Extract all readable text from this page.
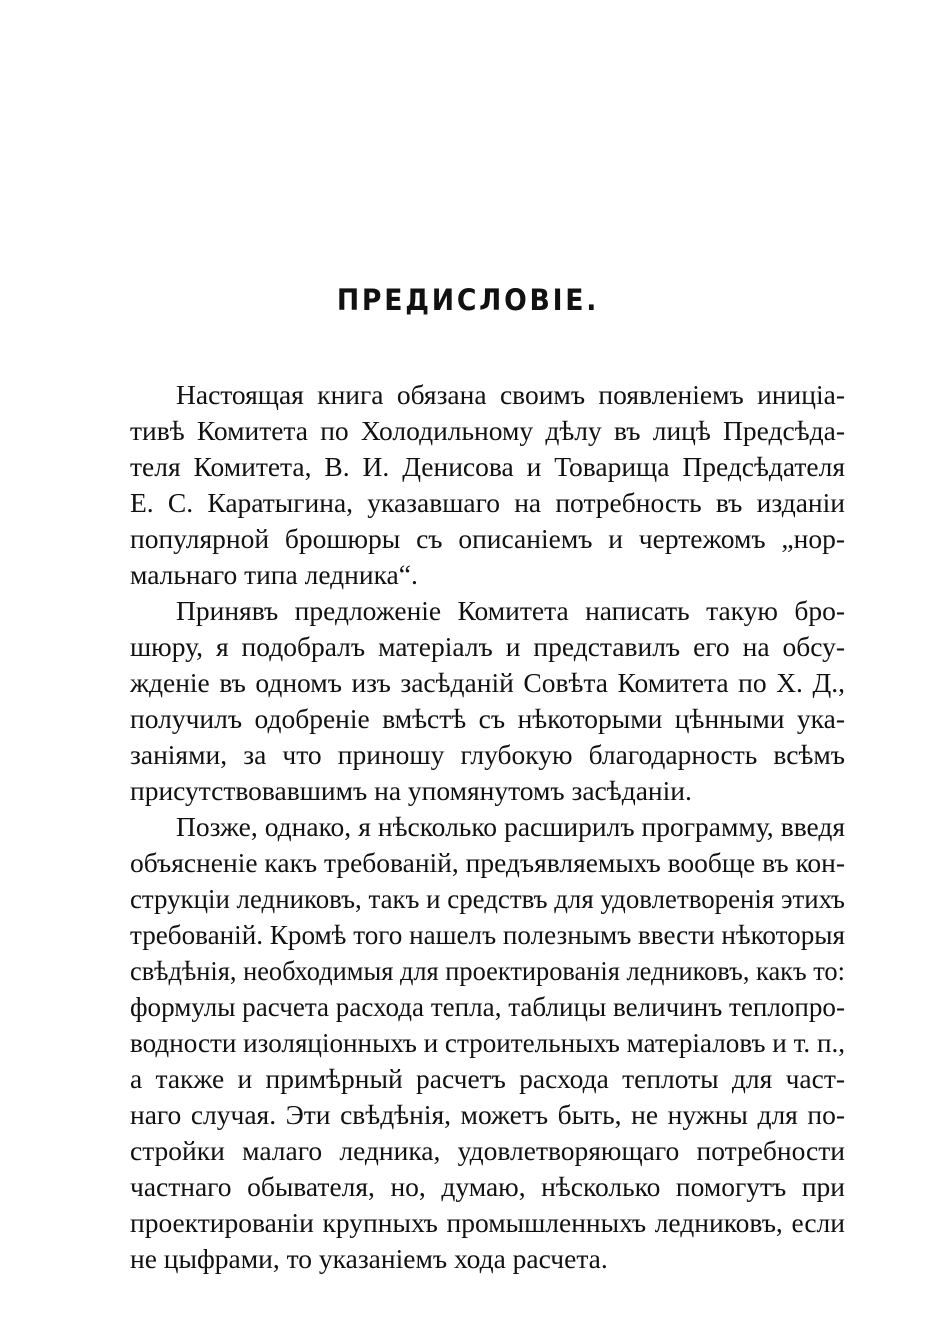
ПРЕДИСЛОВІЕ.
Настоящая книга обязана своимъ появленіемъ иниціа-
тивѣ Комитета по Холодильному дѣлу въ лицѣ Предсѣда-
теля Комитета, В. И. Денисова и Товарища Предсѣдателя
Е. С. Каратыгина, указавшаго на потребность въ изданіи
популярной брошюры съ описаніемъ и чертежомъ „нор-
мальнаго типа ледника“.
Принявъ предложеніе Комитета написать такую бро-
шюру, я подобралъ матеріалъ и представилъ его на обсу-
жденіе въ одномъ изъ засѣданій Совѣта Комитета по Х. Д.,
получилъ одобреніе вмѣстѣ съ нѣкоторыми цѣнными ука-
заніями, за что приношу глубокую благодарность всѣмъ
присутствовавшимъ на упомянутомъ засѣданіи.
Позже, однако, я нѣсколько расширилъ программу, введя
объясненіе какъ требованій, предъявляемыхъ вообще въ кон-
струкціи ледниковъ, такъ и средствъ для удовлетворенія этихъ
требованій. Кромѣ того нашелъ полезнымъ ввести нѣкоторыя
свѣдѣнія, необходимыя для проектированія ледниковъ, какъ то:
формулы расчета расхода тепла, таблицы величинъ теплопро-
водности изоляціонныхъ и строительныхъ матеріаловъ и т. п.,
а также и примѣрный расчетъ расхода теплоты для част-
наго случая. Эти свѣдѣнія, можетъ быть, не нужны для по-
стройки малаго ледника, удовлетворяющаго потребности
частнаго обывателя, но, думаю, нѣсколько помогутъ при
проектированіи крупныхъ промышленныхъ ледниковъ, если
не цыфрами, то указаніемъ хода расчета.
